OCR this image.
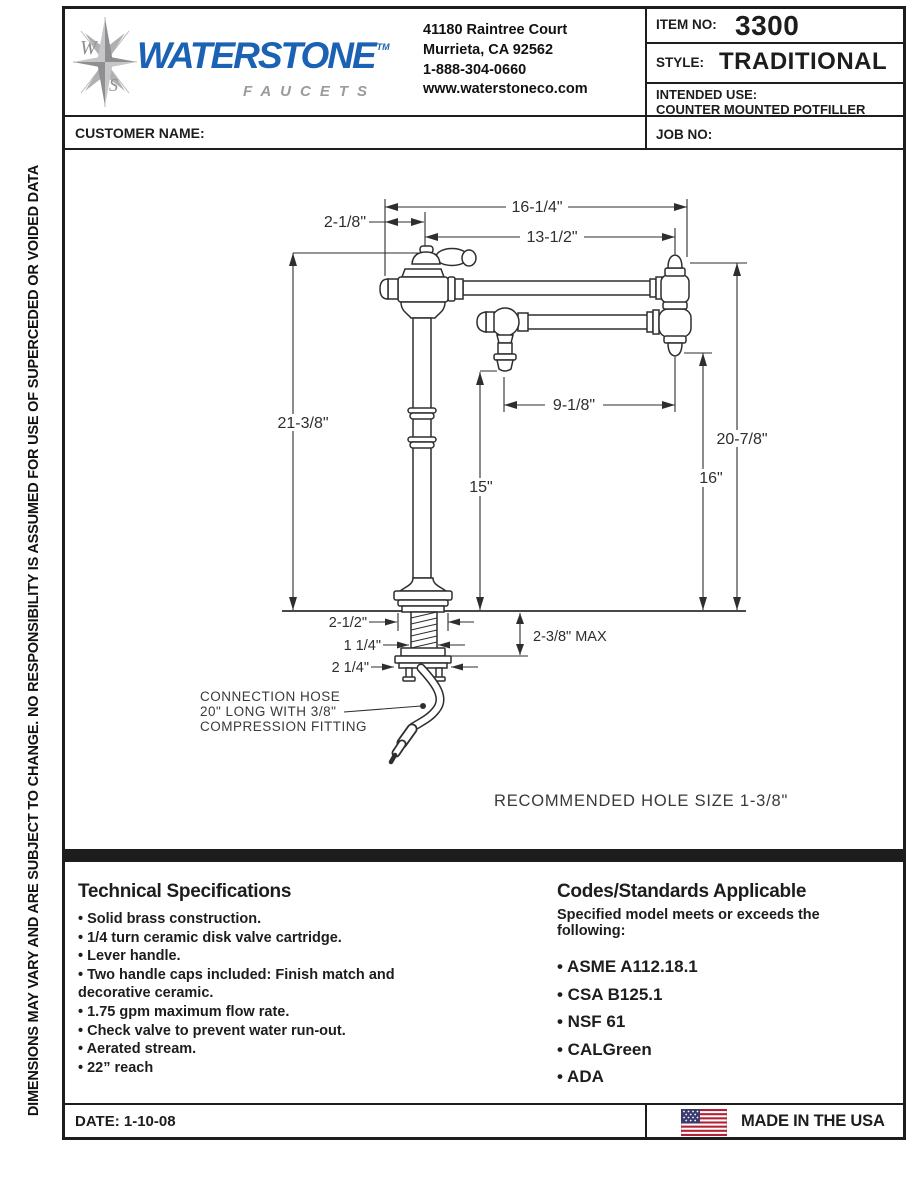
DIMENSIONS MAY VARY AND ARE SUBJECT TO CHANGE. NO RESPONSIBILITY IS ASSUMED FOR USE OF SUPERCEDED OR VOIDED DATA
W
S
WATERSTONE ™
FAUCETS
41180 Raintree Court
Murrieta, CA 92562
1-888-304-0660
www.waterstoneco.com
ITEM NO: 3300
STYLE: TRADITIONAL
INTENDED USE:
COUNTER MOUNTED POTFILLER
JOB NO:
CUSTOMER NAME:
16-1/4"
2-1/8"
13-1/2"
21-3/8"
15"
9-1/8"
20-7/8"
16"
2-3/8" MAX
2-1/2"
1 1/4"
2 1/4"
CONNECTION HOSE
20" LONG WITH 3/8"
COMPRESSION FITTING
RECOMMENDED HOLE SIZE 1-3/8"
Technical Specifications
• Solid brass construction.
• 1/4 turn ceramic disk valve cartridge.
• Lever handle.
• Two handle caps included: Finish match and decorative ceramic.
• 1.75 gpm maximum flow rate.
• Check valve to prevent water run-out.
• Aerated stream.
• 22” reach
Codes/Standards Applicable
Specified model meets or exceeds the following:
• ASME A112.18.1
• CSA B125.1
• NSF 61
• CALGreen
• ADA
DATE: 1-10-08	MADE IN THE USA
